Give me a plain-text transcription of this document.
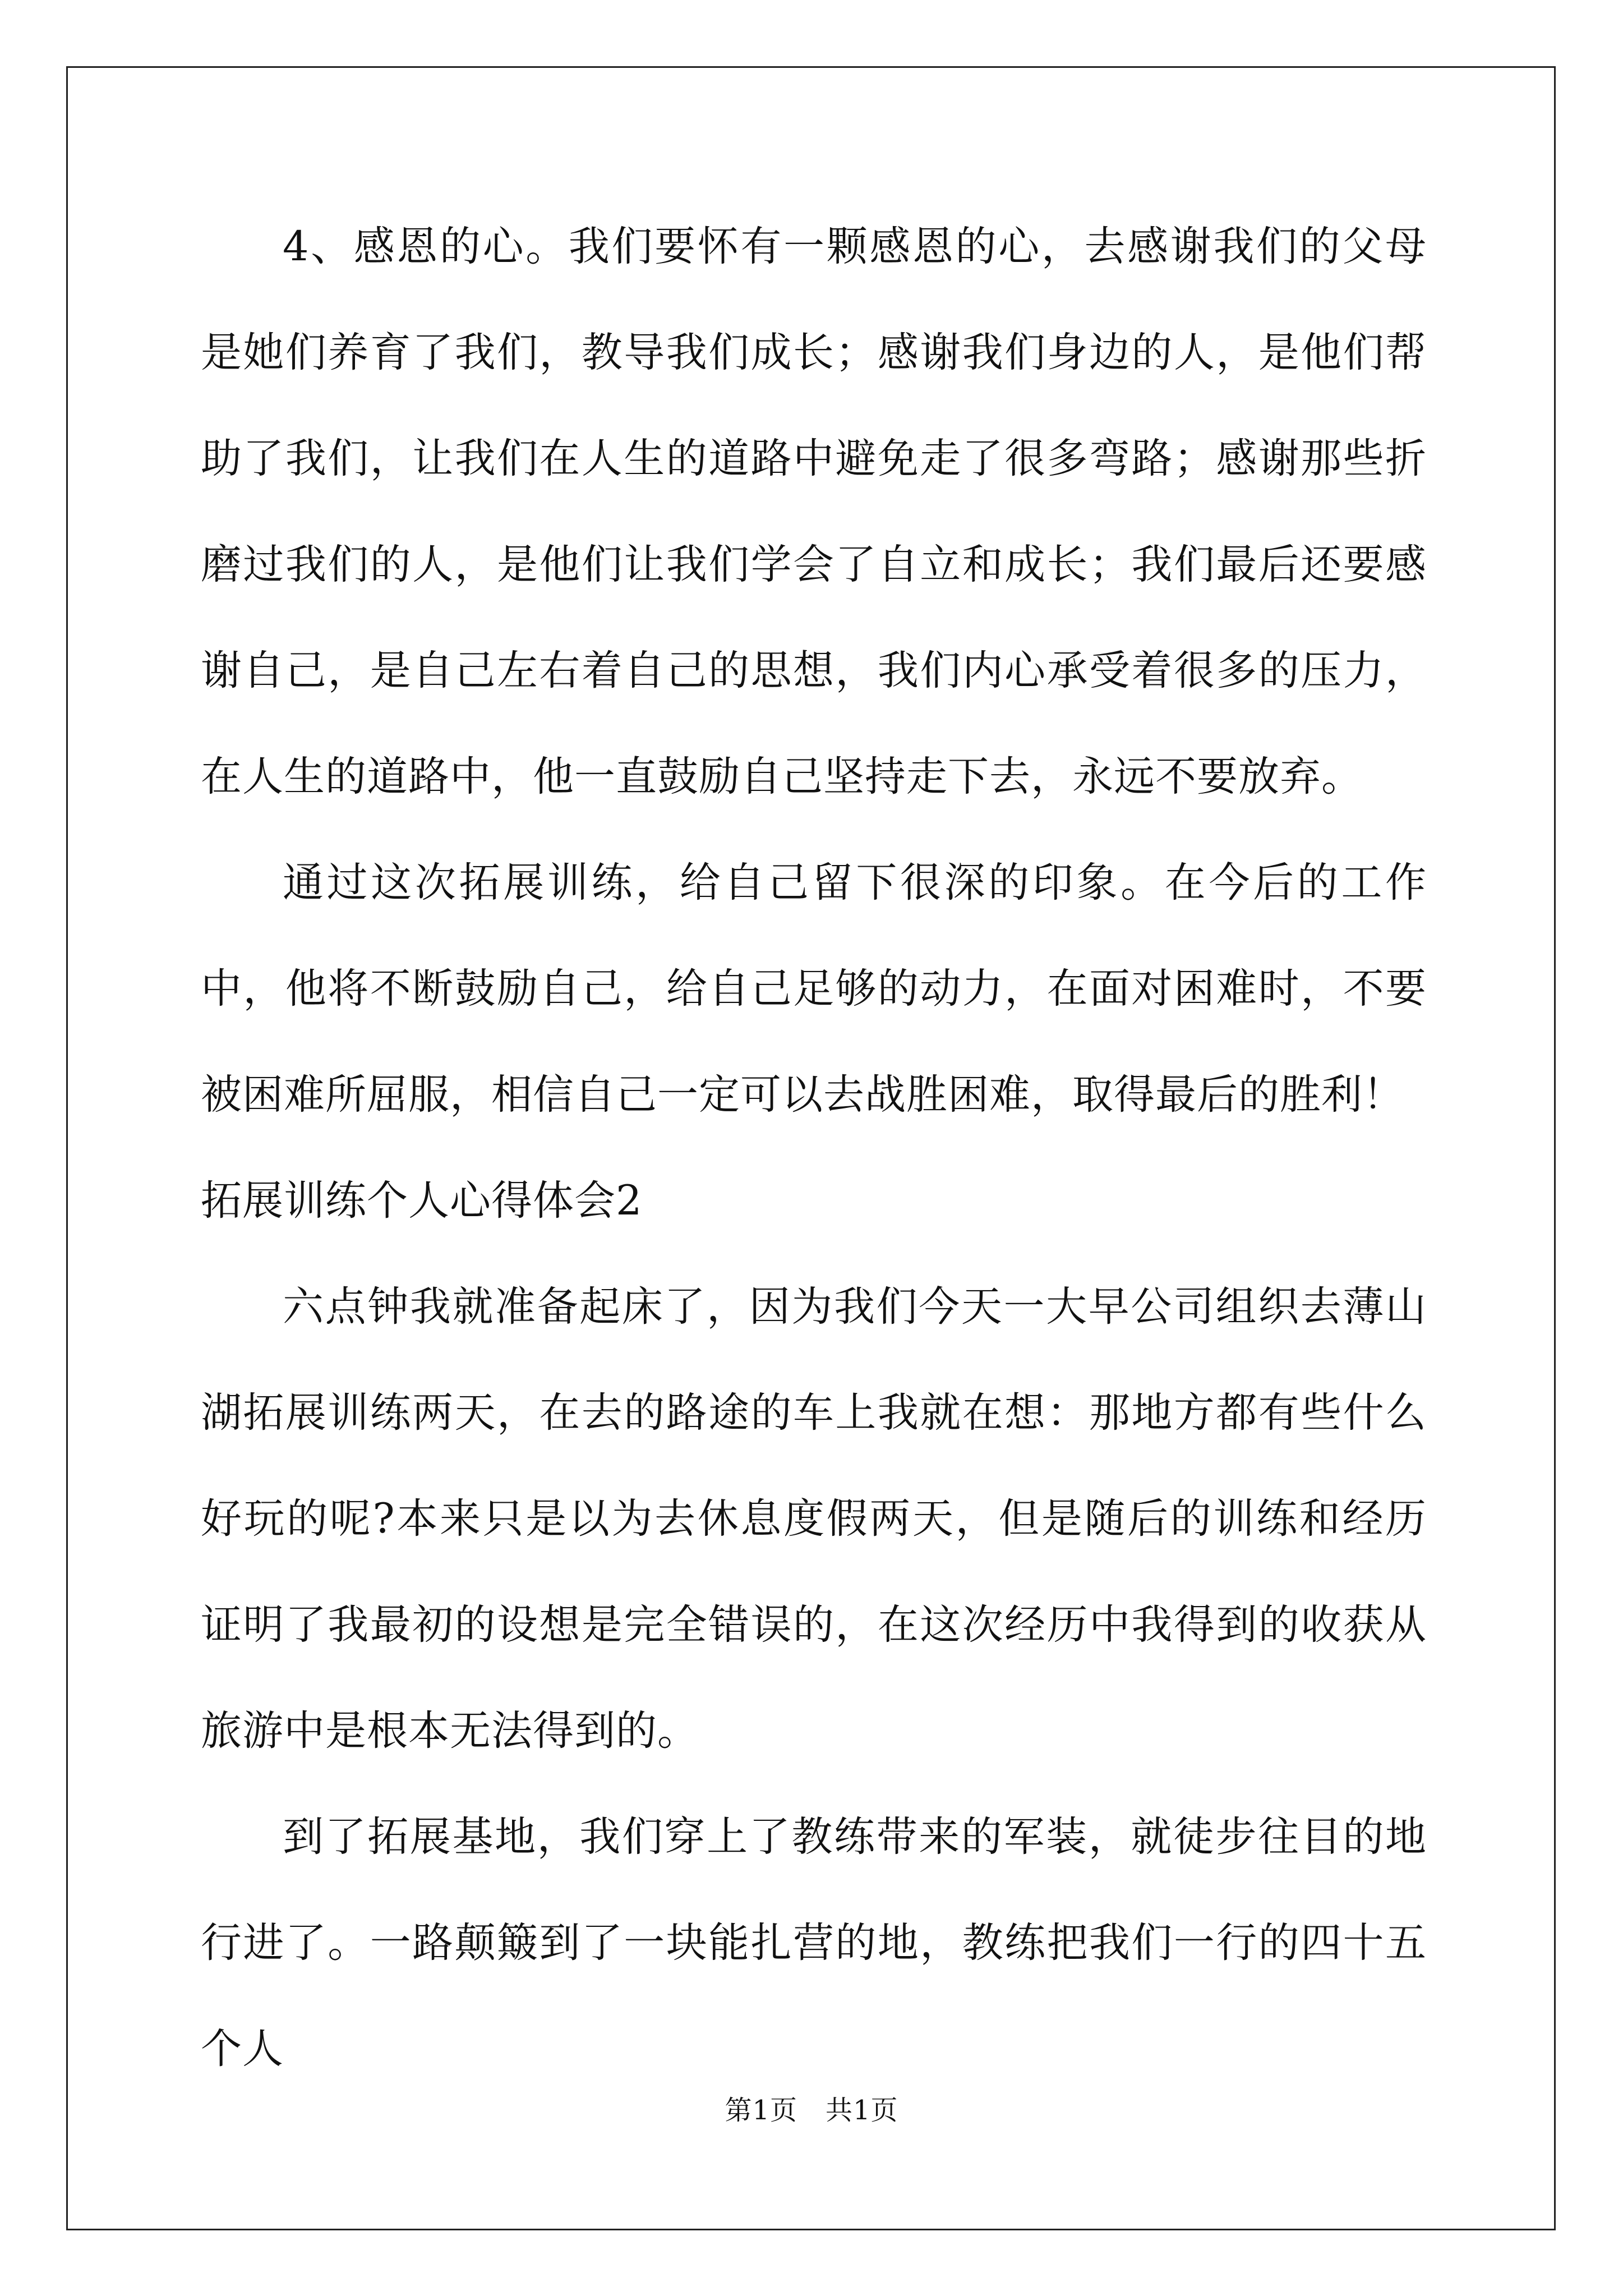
4、感恩的心。我们要怀有一颗感恩的心，去感谢我们的父母是她们养育了我们，教导我们成长；感谢我们身边的人，是他们帮助了我们，让我们在人生的道路中避免走了很多弯路；感谢那些折磨过我们的人，是他们让我们学会了自立和成长；我们最后还要感谢自己，是自己左右着自己的思想，我们内心承受着很多的压力，在人生的道路中，他一直鼓励自己坚持走下去，永远不要放弃。

通过这次拓展训练，给自己留下很深的印象。在今后的工作中，他将不断鼓励自己，给自己足够的动力，在面对困难时，不要被困难所屈服，相信自己一定可以去战胜困难，取得最后的胜利！

拓展训练个人心得体会2

六点钟我就准备起床了，因为我们今天一大早公司组织去薄山湖拓展训练两天，在去的路途的车上我就在想：那地方都有些什么好玩的呢?本来只是以为去休息度假两天，但是随后的训练和经历证明了我最初的设想是完全错误的，在这次经历中我得到的收获从旅游中是根本无法得到的。

到了拓展基地，我们穿上了教练带来的军装，就徒步往目的地行进了。一路颠簸到了一块能扎营的地，教练把我们一行的四十五个人

第1页 共1页
